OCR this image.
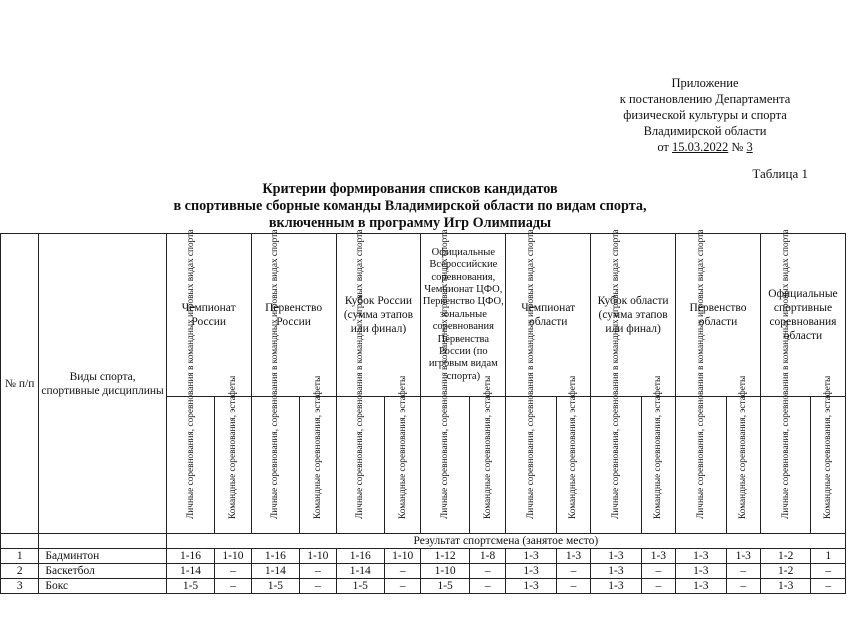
Приложение
к постановлению Департамента
физической культуры и спорта
Владимирской области
от 15.03.2022 № 3
Таблица 1
Критерии формирования списков кандидатов
в спортивные сборные команды Владимирской области по видам спорта,
включенным в программу Игр Олимпиады
№ п/п	Виды спорта, спортивные дисциплины	Чемпионат России		Первенство России		Кубок России (сумма этапов или финал)		Официальные Всероссийские соревнования, Чемпионат ЦФО, Первенство ЦФО, зональные соревнования Первенства России (по игровым видам спорта)		Чемпионат области		Кубок области (сумма этапов или финал)		Первенство области		Официальные спортивные соревнования области	

		Личные соревнования, соревнования в командных игровых видах спорта	Командные соревнования, эстафеты	Личные соревнования, соревнования в командных игровых видах спорта	Командные соревнования, эстафеты	Личные соревнования, соревнования в командных игровых видах спорта	Командные соревнования, эстафеты	Личные соревнования, соревнования в командных игровых видах спорта	Командные соревнования, эстафеты	Личные соревнования, соревнования в командных игровых видах спорта	Командные соревнования, эстафеты	Личные соревнования, соревнования в командных игровых видах спорта	Командные соревнования, эстафеты	Личные соревнования, соревнования в командных игровых видах спорта	Командные соревнования, эстафеты	Личные соревнования, соревнования в командных игровых видах спорта	Командные соревнования, эстафеты

		Результат спортсмена (занятое место)															
1	Бадминтон	1-16	1-10	1-16	1-10	1-16	1-10	1-12	1-8	1-3	1-3	1-3	1-3	1-3	1-3	1-2	1
2	Баскетбол	1-14	–	1-14	–	1-14	–	1-10	–	1-3	–	1-3	–	1-3	–	1-2	–
3	Бокс	1-5	–	1-5	–	1-5	–	1-5	–	1-3	–	1-3	–	1-3	–	1-3	–
